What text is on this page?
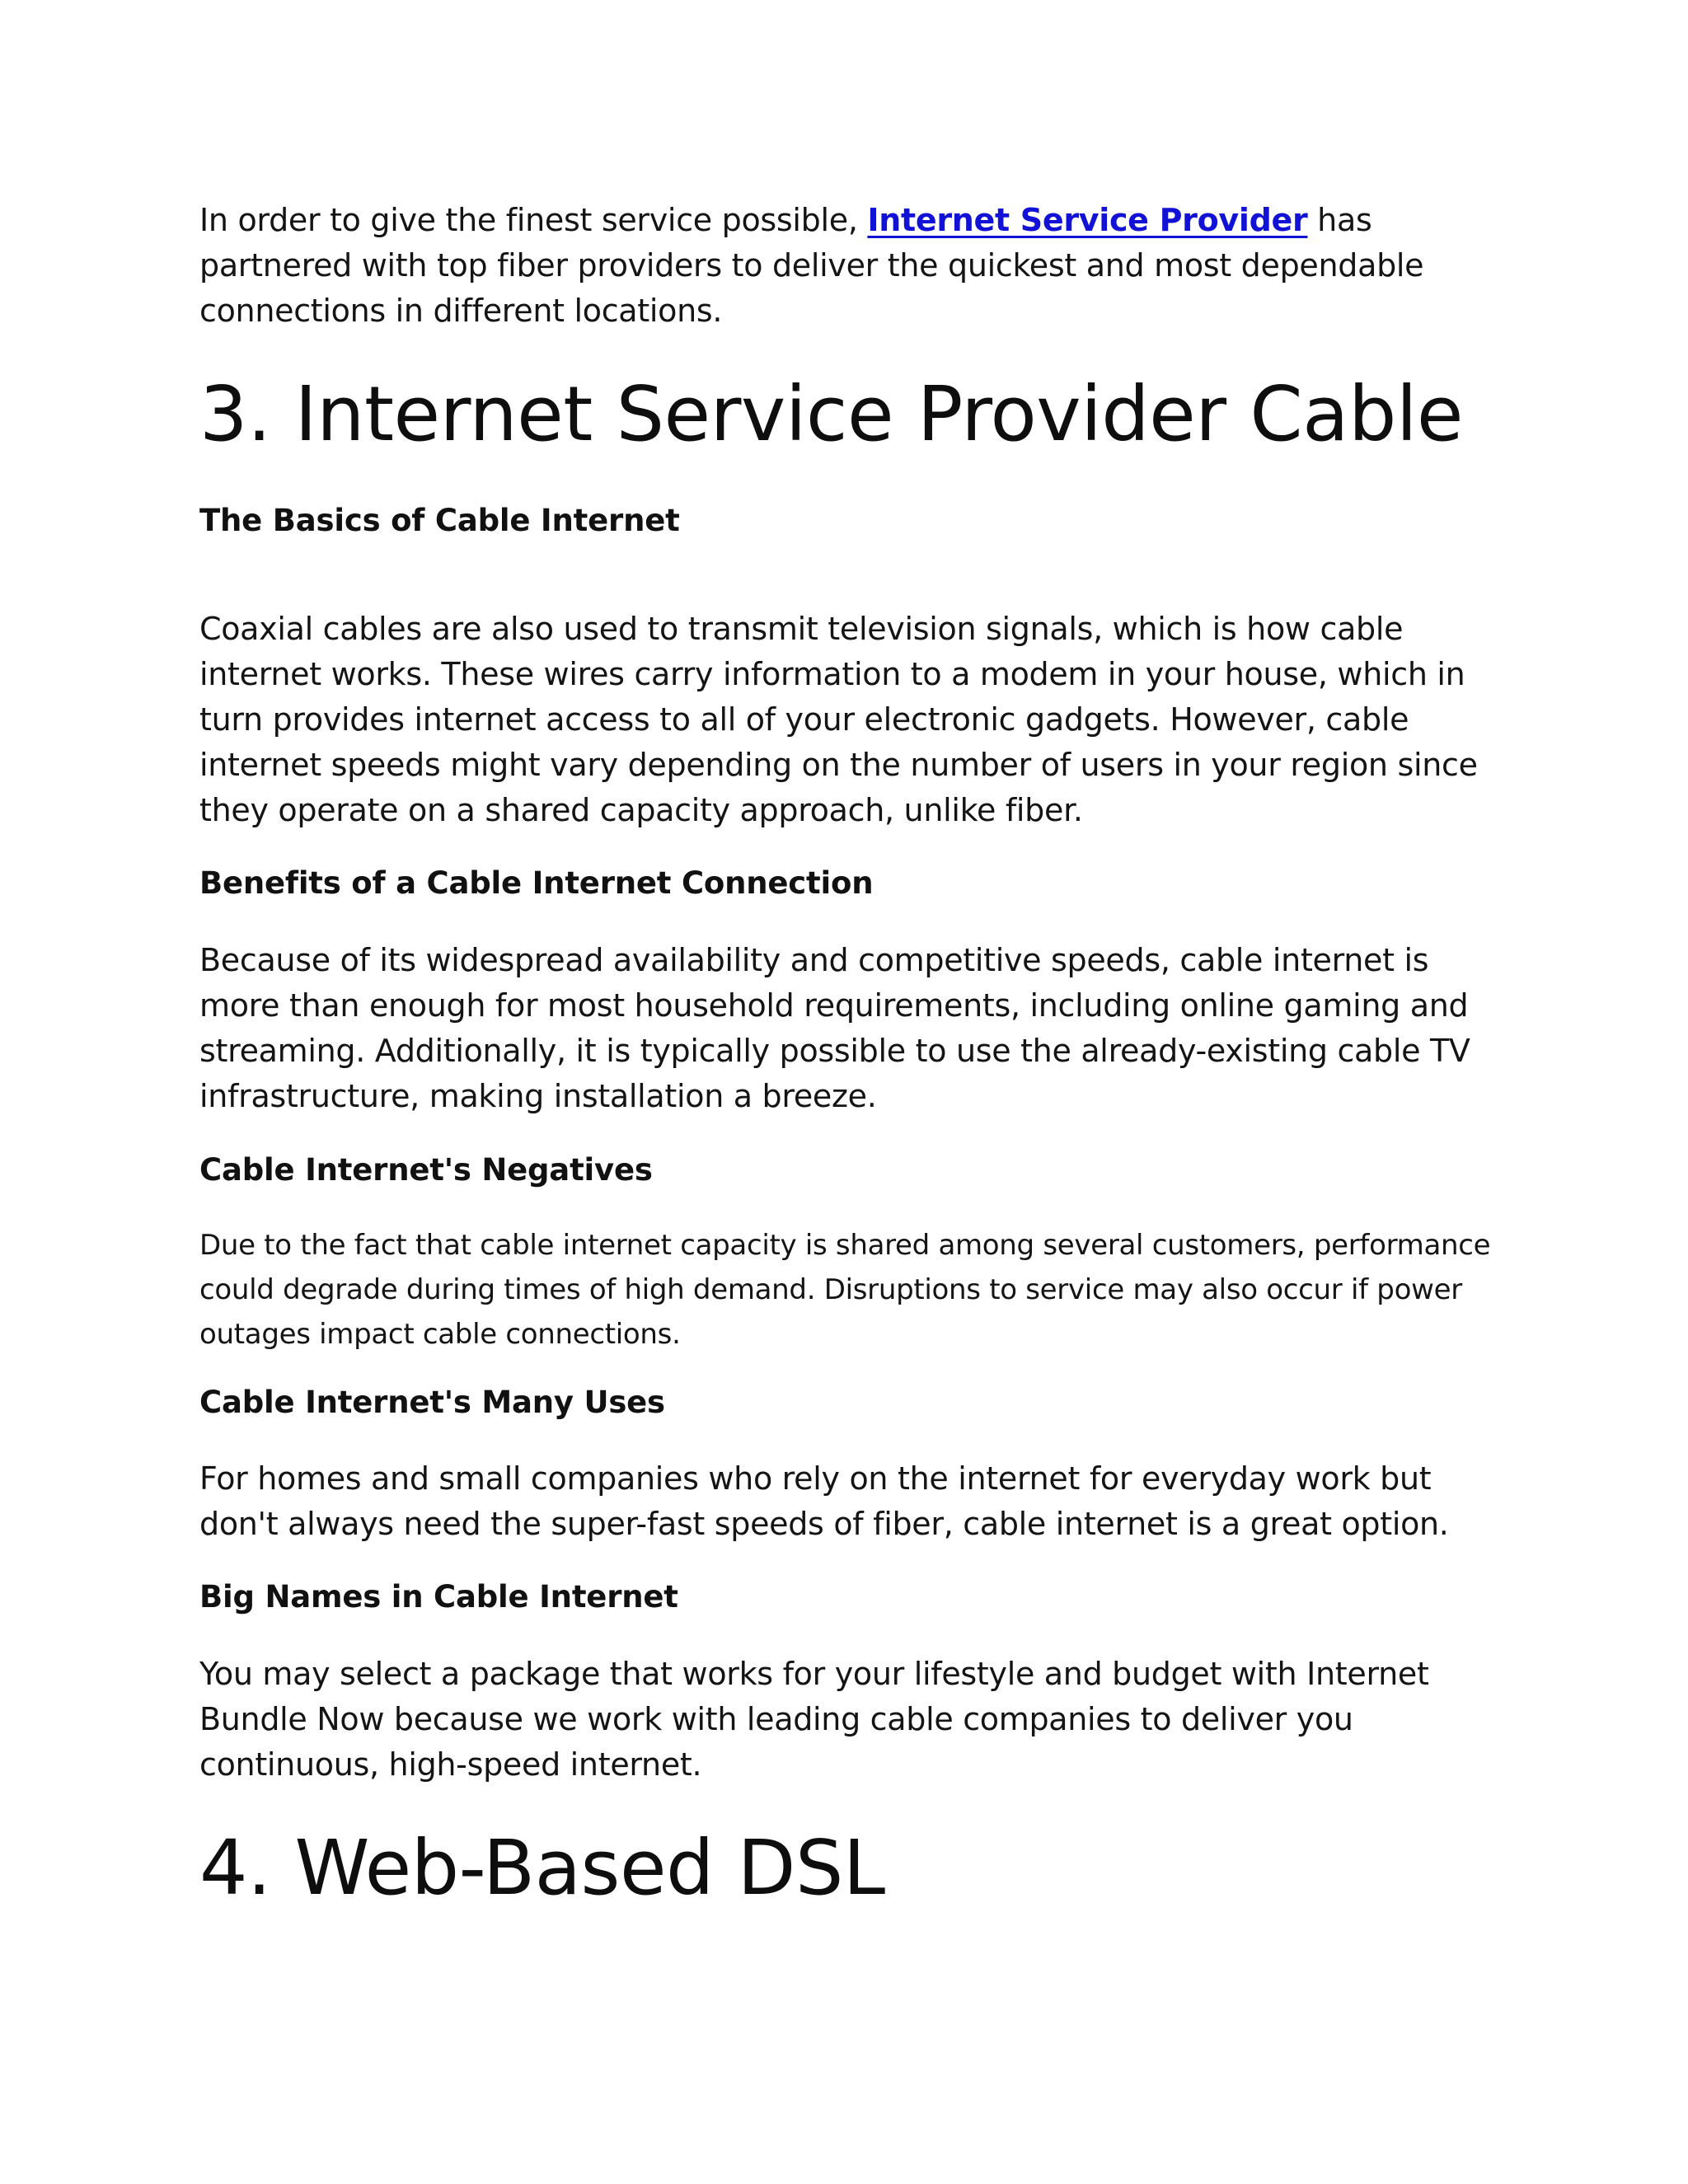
In order to give the finest service possible, Internet Service Provider has partnered with top fiber providers to deliver the quickest and most dependable connections in different locations.

3. Internet Service Provider Cable
The Basics of Cable Internet

Coaxial cables are also used to transmit television signals, which is how cable internet works. These wires carry information to a modem in your house, which in turn provides internet access to all of your electronic gadgets. However, cable internet speeds might vary depending on the number of users in your region since they operate on a shared capacity approach, unlike fiber.

Benefits of a Cable Internet Connection

Because of its widespread availability and competitive speeds, cable internet is more than enough for most household requirements, including online gaming and streaming. Additionally, it is typically possible to use the already-existing cable TV infrastructure, making installation a breeze.

Cable Internet's Negatives

Due to the fact that cable internet capacity is shared among several customers, performance could degrade during times of high demand. Disruptions to service may also occur if power outages impact cable connections.

Cable Internet's Many Uses

For homes and small companies who rely on the internet for everyday work but don't always need the super-fast speeds of fiber, cable internet is a great option.

Big Names in Cable Internet

You may select a package that works for your lifestyle and budget with Internet Bundle Now because we work with leading cable companies to deliver you continuous, high-speed internet.

4. Web-Based DSL
